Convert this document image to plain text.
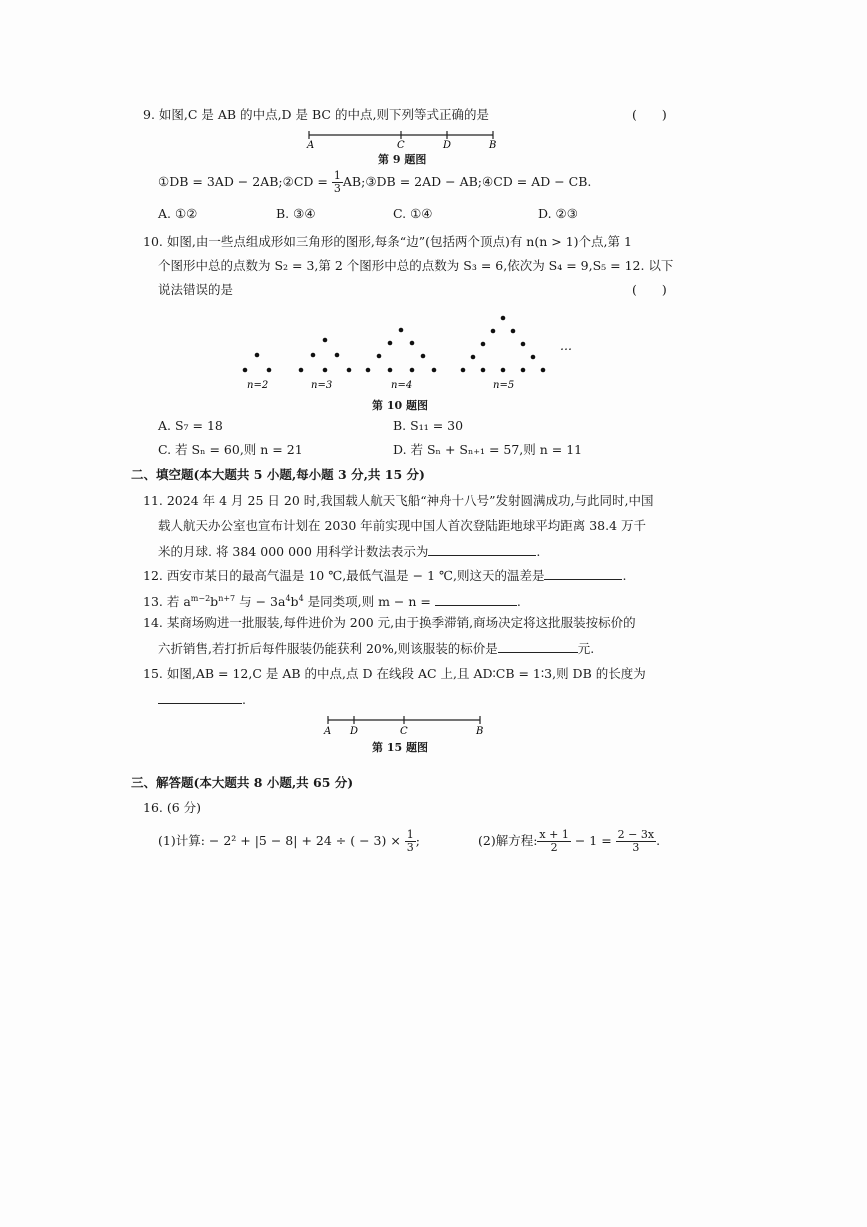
9. 如图,C 是 AB 的中点,D 是 BC 的中点,则下列等式正确的是	(　　)
A	C	D	B
第 9 题图
①DB = 3AD − 2AB;②CD = $\frac{1}{3}$ AB;③DB = 2AD − AB;④CD = AD − CB.
A. ①②	B. ③④	C. ①④	D. ②③
10. 如图,由一些点组成形如三角形的图形,每条“边”(包括两个顶点)有 n(n > 1)个点,第 1
个图形中总的点数为 S₂ = 3,第 2 个图形中总的点数为 S₃ = 6,依次为 S₄ = 9,S₅ = 12. 以下
说法错误的是	(　　)
…
n=2	n=3	n=4	n=5
第 10 题图
A. S₇ = 18	B. S₁₁ = 30
C. 若 Sₙ = 60,则 n = 21	D. 若 Sₙ + Sₙ₊₁ = 57,则 n = 11
二、填空题(本大题共 5 小题,每小题 3 分,共 15 分)
11. 2024 年 4 月 25 日 20 时,我国载人航天飞船“神舟十八号”发射圆满成功,与此同时,中国
载人航天办公室也宣布计划在 2030 年前实现中国人首次登陆距地球平均距离 38.4 万千
米的月球. 将 384 000 000 用科学计数法表示为	.
12. 西安市某日的最高气温是 10 ℃,最低气温是 − 1 ℃,则这天的温差是	.
13. 若 $a^{m-2}b^{n+7}$ 与 − $3a^4b^4$ 是同类项,则 m − n =	.
14. 某商场购进一批服装,每件进价为 200 元,由于换季滞销,商场决定将这批服装按标价的
六折销售,若打折后每件服装仍能获利 20%,则该服装的标价是	元.
15. 如图,AB = 12,C 是 AB 的中点,点 D 在线段 AC 上,且 AD∶CB = 1∶3,则 DB 的长度为
.
A D	C	B
第 15 题图
三、解答题(本大题共 8 小题,共 65 分)
16. (6 分)
(1)计算: − 2² + |5 − 8| + 24 ÷ ( − $3) \times \frac{1}{3}$ ;	(2)解方程: $\frac{x + 1}{2} - 1 = \frac{2 - 3x}{3}$ .
